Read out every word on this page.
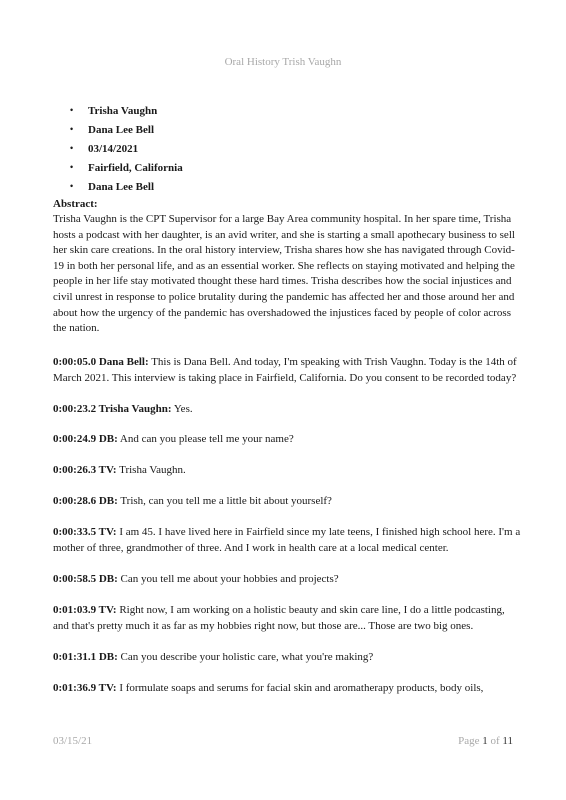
Oral History Trish Vaughn
• Trisha Vaughn
• Dana Lee Bell
• 03/14/2021
• Fairfield, California
• Dana Lee Bell
Abstract:

Trisha Vaughn is the CPT Supervisor for a large Bay Area community hospital. In her spare time, Trisha hosts a podcast with her daughter, is an avid writer, and she is starting a small apothecary business to sell her skin care creations. In the oral history interview, Trisha shares how she has navigated through Covid-19 in both her personal life, and as an essential worker. She reflects on staying motivated and helping the people in her life stay motivated thought these hard times. Trisha describes how the social injustices and civil unrest in response to police brutality during the pandemic has affected her and those around her and about how the urgency of the pandemic has overshadowed the injustices faced by people of color across the nation.

0:00:05.0 Dana Bell: This is Dana Bell. And today, I'm speaking with Trish Vaughn. Today is the 14th of March 2021. This interview is taking place in Fairfield, California. Do you consent to be recorded today?

0:00:23.2 Trisha Vaughn: Yes.

0:00:24.9 DB: And can you please tell me your name?

0:00:26.3 TV: Trisha Vaughn.

0:00:28.6 DB: Trish, can you tell me a little bit about yourself?

0:00:33.5 TV: I am 45. I have lived here in Fairfield since my late teens, I finished high school here. I'm a mother of three, grandmother of three. And I work in health care at a local medical center.

0:00:58.5 DB: Can you tell me about your hobbies and projects?

0:01:03.9 TV: Right now, I am working on a holistic beauty and skin care line, I do a little podcasting, and that's pretty much it as far as my hobbies right now, but those are... Those are two big ones.

0:01:31.1 DB: Can you describe your holistic care, what you're making?

0:01:36.9 TV: I formulate soaps and serums for facial skin and aromatherapy products, body oils,

03/15/21	Page 1 of 11
